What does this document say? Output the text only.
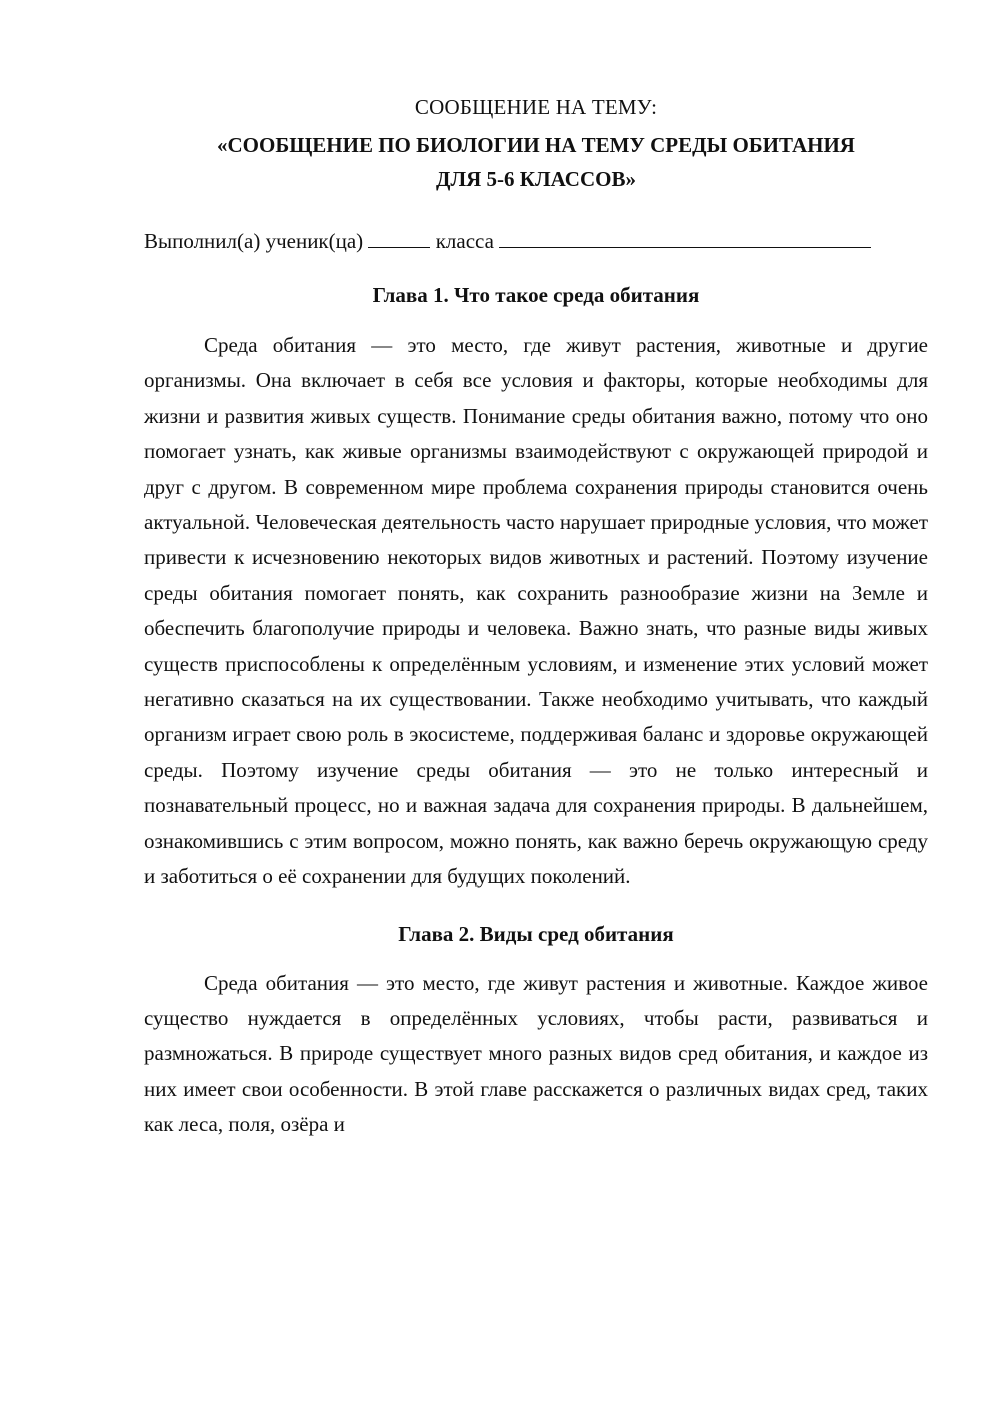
СООБЩЕНИЕ НА ТЕМУ:

«СООБЩЕНИЕ ПО БИОЛОГИИ НА ТЕМУ СРЕДЫ ОБИТАНИЯ

ДЛЯ 5-6 КЛАССОВ»

Выполнил(а) ученик(ца)	класса
Глава 1. Что такое среда обитания

Среда обитания — это место, где живут растения, животные и другие организмы. Она включает в себя все условия и факторы, которые необходимы для жизни и развития живых существ. Понимание среды обитания важно, потому что оно помогает узнать, как живые организмы взаимодействуют с окружающей природой и друг с другом. В современном мире проблема сохранения природы становится очень актуальной. Человеческая деятельность часто нарушает природные условия, что может привести к исчезновению некоторых видов животных и растений. Поэтому изучение среды обитания помогает понять, как сохранить разнообразие жизни на Земле и обеспечить благополучие природы и человека. Важно знать, что разные виды живых существ приспособлены к определённым условиям, и изменение этих условий может негативно сказаться на их существовании. Также необходимо учитывать, что каждый организм играет свою роль в экосистеме, поддерживая баланс и здоровье окружающей среды. Поэтому изучение среды обитания — это не только интересный и познавательный процесс, но и важная задача для сохранения природы. В дальнейшем, ознакомившись с этим вопросом, можно понять, как важно беречь окружающую среду и заботиться о её сохранении для будущих поколений.

Глава 2. Виды сред обитания

Среда обитания — это место, где живут растения и животные. Каждое живое существо нуждается в определённых условиях, чтобы расти, развиваться и размножаться. В природе существует много разных видов сред обитания, и каждое из них имеет свои особенности. В этой главе расскажется о различных видах сред, таких как леса, поля, озёра и
